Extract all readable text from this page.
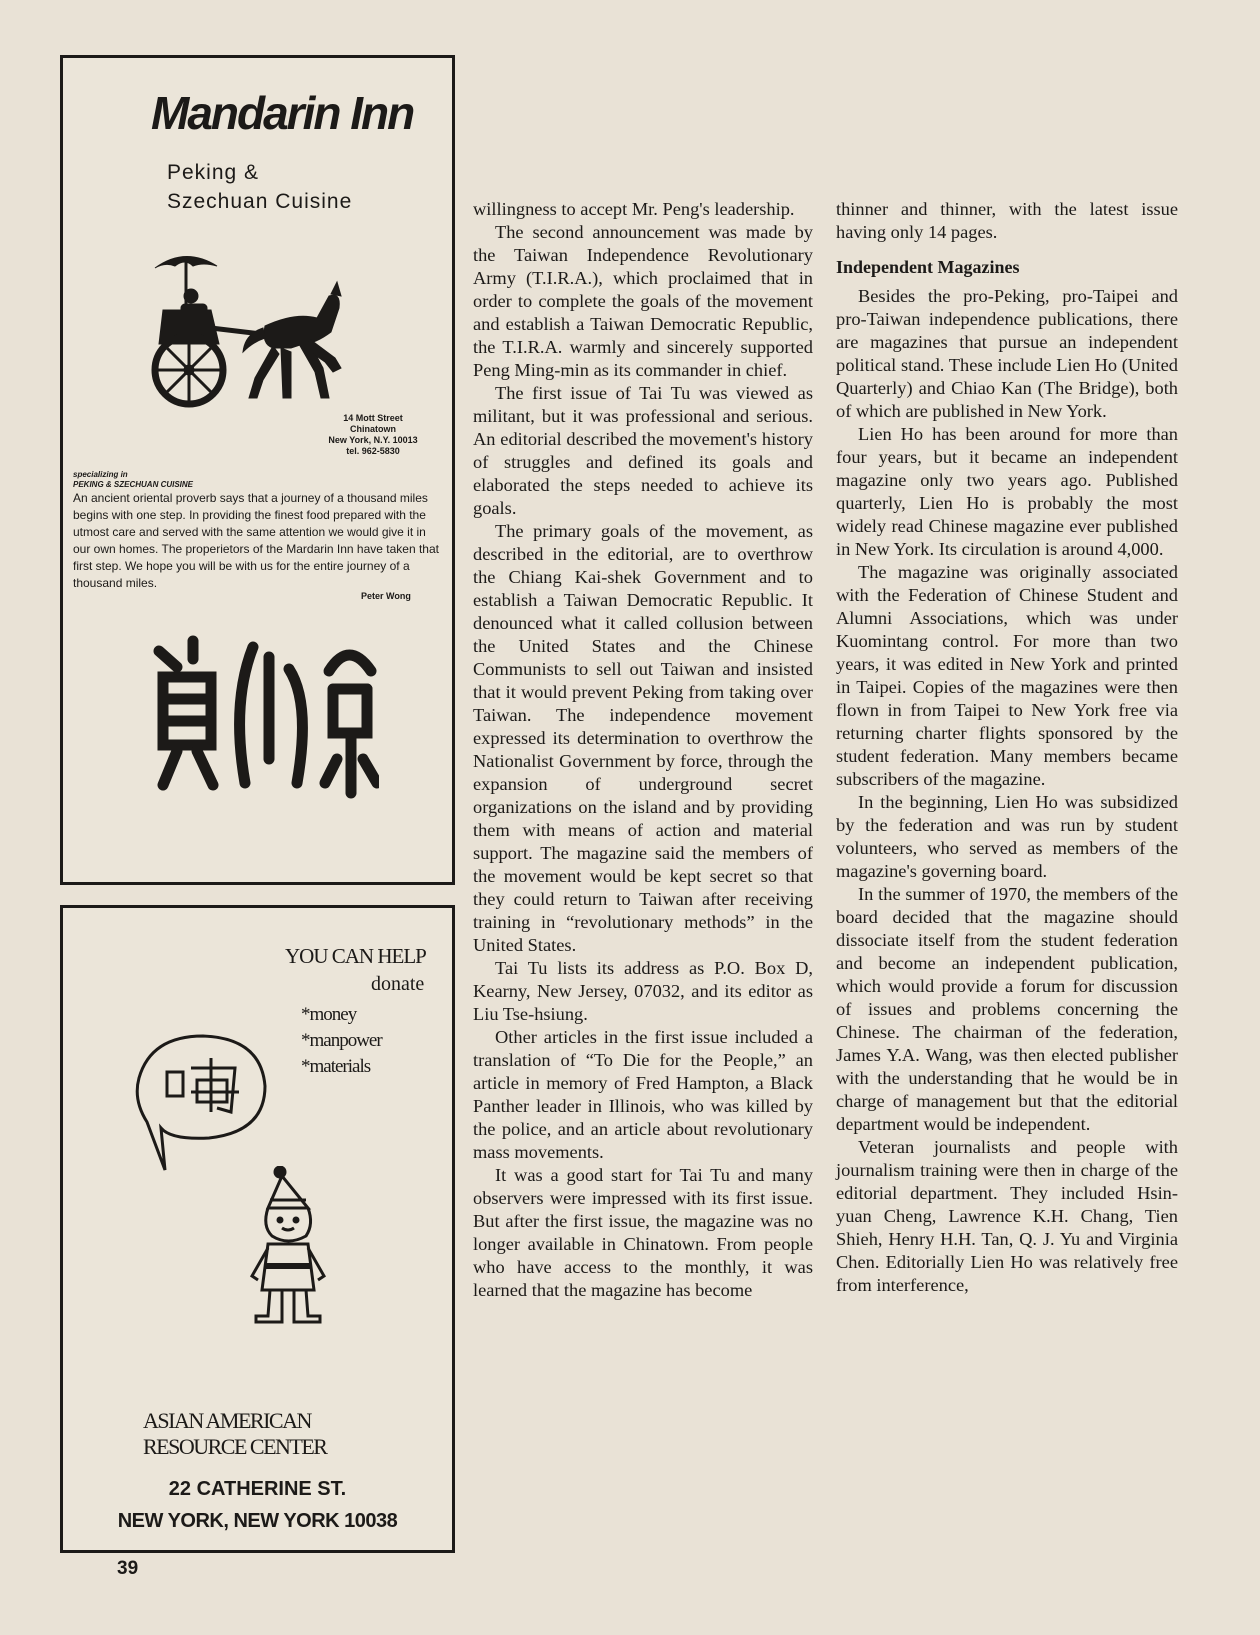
Mandarin Inn
Peking &
Szechuan Cuisine
14 Mott Street
Chinatown
New York, N.Y. 10013
tel. 962-5830
specializing in
PEKING & SZECHUAN CUISINE
An ancient oriental proverb says that a journey of a thousand miles begins with one step. In providing the finest food prepared with the utmost care and served with the same attention we would give it in our own homes. The properietors of the Mardarin Inn have taken that first step. We hope you will be with us for the entire journey of a thousand miles.
Peter Wong
YOU CAN HELP
donate
*money
*manpower
*materials
ASIAN AMERICAN
RESOURCE CENTER
22 CATHERINE ST.
NEW YORK, NEW YORK 10038
39

willingness to accept Mr. Peng's leadership.

The second announcement was made by the Taiwan Independence Revolutionary Army (T.I.R.A.), which proclaimed that in order to complete the goals of the movement and establish a Taiwan Democratic Republic, the T.I.R.A. warmly and sincerely supported Peng Ming-min as its commander in chief.

The first issue of Tai Tu was viewed as militant, but it was professional and serious. An editorial described the movement's history of struggles and defined its goals and elaborated the steps needed to achieve its goals.

The primary goals of the movement, as described in the editorial, are to overthrow the Chiang Kai-shek Government and to establish a Taiwan Democratic Republic. It denounced what it called collusion between the United States and the Chinese Communists to sell out Taiwan and insisted that it would prevent Peking from taking over Taiwan. The independence movement expressed its determination to overthrow the Nationalist Government by force, through the expansion of underground secret organizations on the island and by providing them with means of action and material support. The magazine said the members of the movement would be kept secret so that they could return to Taiwan after receiving training in “revolutionary methods” in the United States.

Tai Tu lists its address as P.O. Box D, Kearny, New Jersey, 07032, and its editor as Liu Tse-hsiung.

Other articles in the first issue included a translation of “To Die for the People,” an article in memory of Fred Hampton, a Black Panther leader in Illinois, who was killed by the police, and an article about revolutionary mass movements.

It was a good start for Tai Tu and many observers were impressed with its first issue. But after the first issue, the magazine was no longer available in Chinatown. From people who have access to the monthly, it was learned that the magazine has become

thinner and thinner, with the latest issue having only 14 pages.

Independent Magazines

Besides the pro-Peking, pro-Taipei and pro-Taiwan independence publications, there are magazines that pursue an independent political stand. These include Lien Ho (United Quarterly) and Chiao Kan (The Bridge), both of which are published in New York.

Lien Ho has been around for more than four years, but it became an independent magazine only two years ago. Published quarterly, Lien Ho is probably the most widely read Chinese magazine ever published in New York. Its circulation is around 4,000.

The magazine was originally associated with the Federation of Chinese Student and Alumni Associations, which was under Kuomintang control. For more than two years, it was edited in New York and printed in Taipei. Copies of the magazines were then flown in from Taipei to New York free via returning charter flights sponsored by the student federation. Many members became subscribers of the magazine.

In the beginning, Lien Ho was subsidized by the federation and was run by student volunteers, who served as members of the magazine's governing board.

In the summer of 1970, the members of the board decided that the magazine should dissociate itself from the student federation and become an independent publication, which would provide a forum for discussion of issues and problems concerning the Chinese. The chairman of the federation, James Y.A. Wang, was then elected publisher with the understanding that he would be in charge of management but that the editorial department would be independent.

Veteran journalists and people with journalism training were then in charge of the editorial department. They included Hsin-yuan Cheng, Lawrence K.H. Chang, Tien Shieh, Henry H.H. Tan, Q. J. Yu and Virginia Chen. Editorially Lien Ho was relatively free from interference,
